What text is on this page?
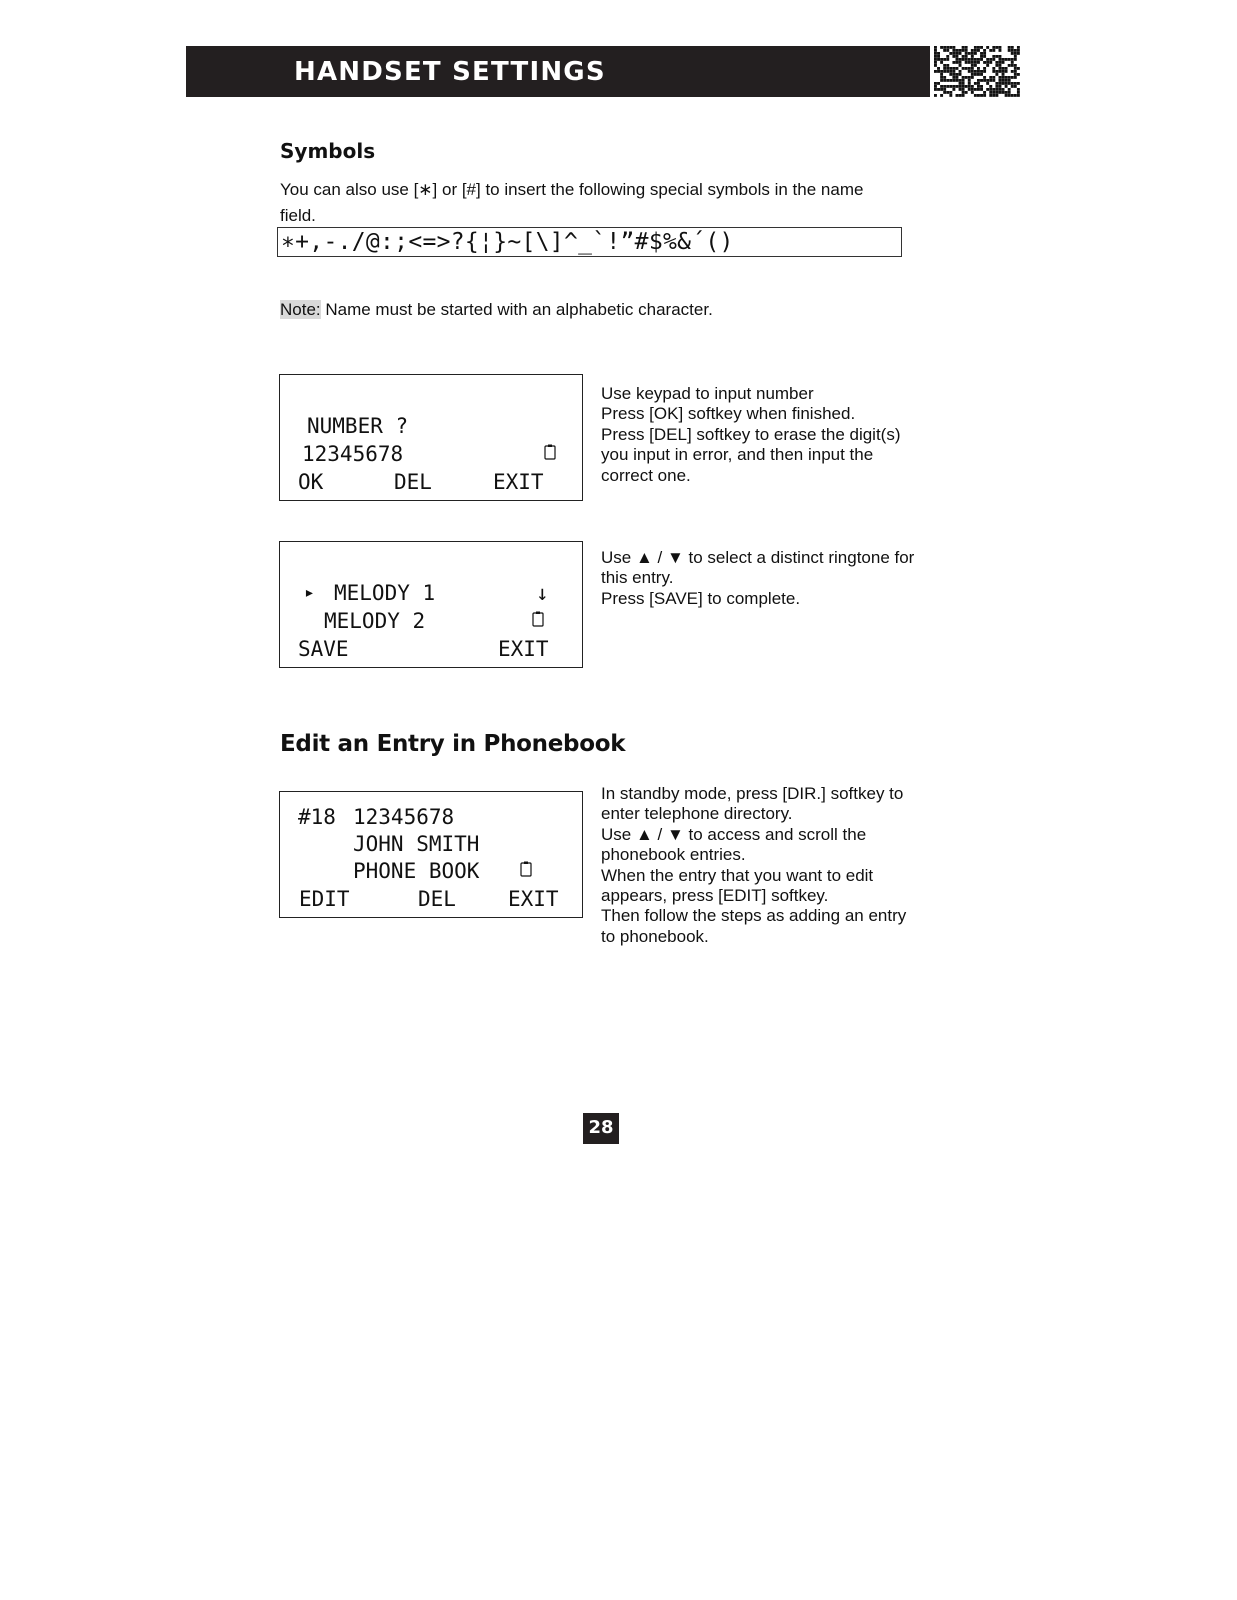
HANDSET SETTINGS
Symbols
You can also use [∗] or [#] to insert the following special symbols in the name
field.
∗+,-./@:;<=>?{¦}~[\]^_`!”#$%&´()
Note: Name must be started with an alphabetic character.
NUMBER ?
12345678
OK	DEL	EXIT
Use keypad to input number
Press [OK] softkey when finished.
Press [DEL] softkey to erase the digit(s)
you input in error, and then input the
correct one.
▸ MELODY 1	↓
MELODY 2
SAVE	EXIT
Use ▲ / ▼ to select a distinct ringtone for
this entry.
Press [SAVE] to complete.
Edit an Entry in Phonebook
#18 12345678
JOHN SMITH
PHONE BOOK
EDIT	DEL EXIT
In standby mode, press [DIR.] softkey to
enter telephone directory.
Use ▲ / ▼ to access and scroll the
phonebook entries.
When the entry that you want to edit
appears, press [EDIT] softkey.
Then follow the steps as adding an entry
to phonebook.
28
